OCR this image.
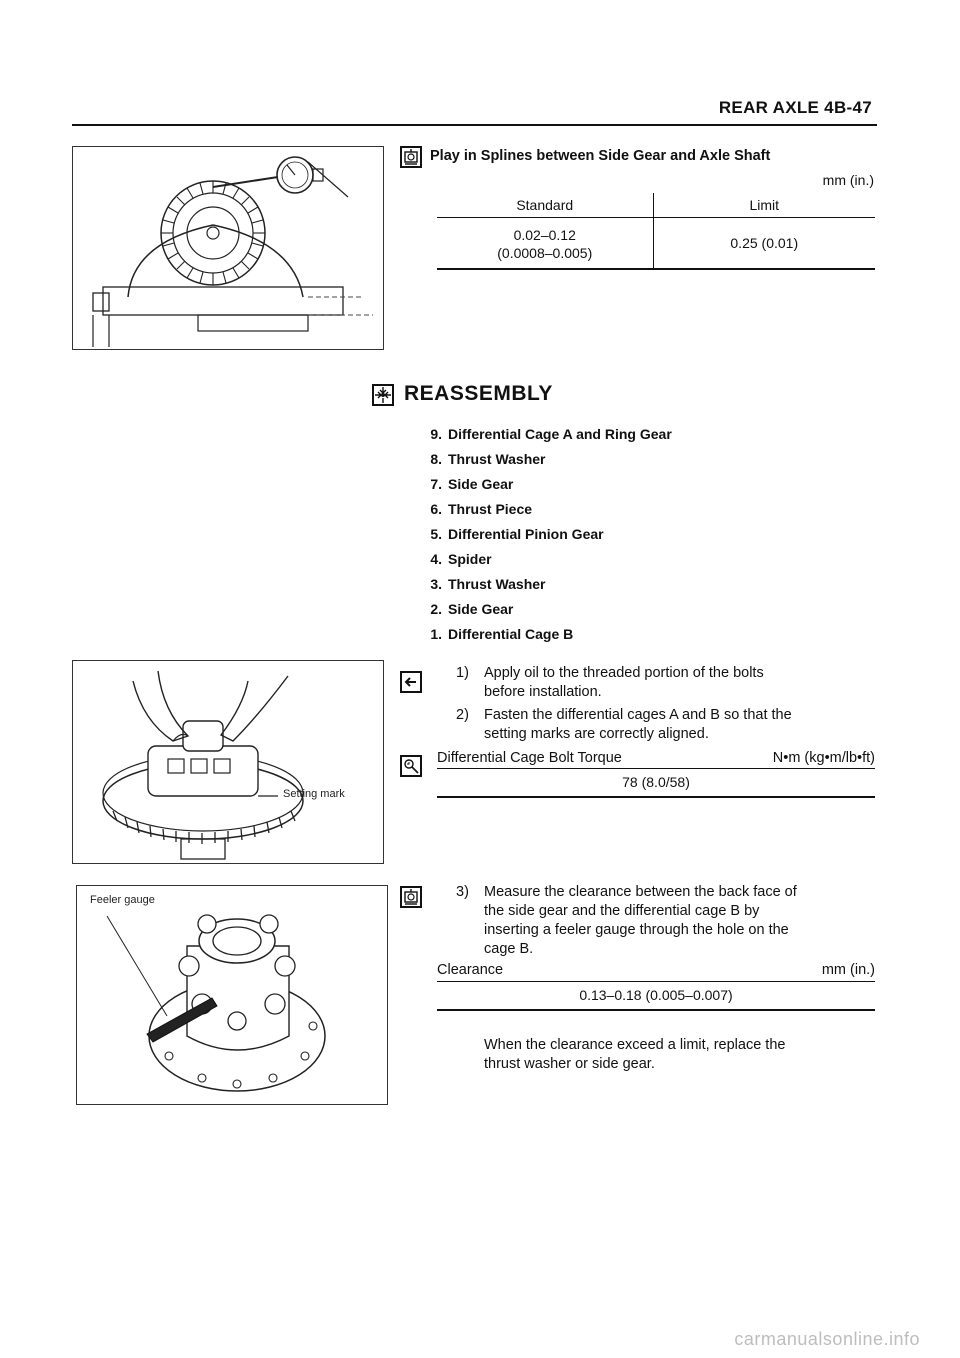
REAR AXLE 4B-47
Play in Splines between Side Gear and Axle Shaft
mm (in.)
Standard	Limit

0.02–0.12
(0.0008–0.005)	0.25 (0.01)
REASSEMBLY
9. Differential Cage A and Ring Gear
8. Thrust Washer
7. Side Gear
6. Thrust Piece
5. Differential Pinion Gear
4. Spider
3. Thrust Washer
2. Side Gear
1. Differential Cage B
Setting mark
1) Apply oil to the threaded portion of the bolts
before installation.
2) Fasten the differential cages A and B so that the
setting marks are correctly aligned.
Differential Cage Bolt Torque	N•m (kg•m/lb•ft)
78 (8.0/58)
Feeler gauge	3) Measure the clearance between the back face of
the side gear and the differential cage B by
inserting a feeler gauge through the hole on the
cage B.
Clearance	mm (in.)
0.13–0.18 (0.005–0.007)
When the clearance exceed a limit, replace the
thrust washer or side gear.
carmanualsonline.info
